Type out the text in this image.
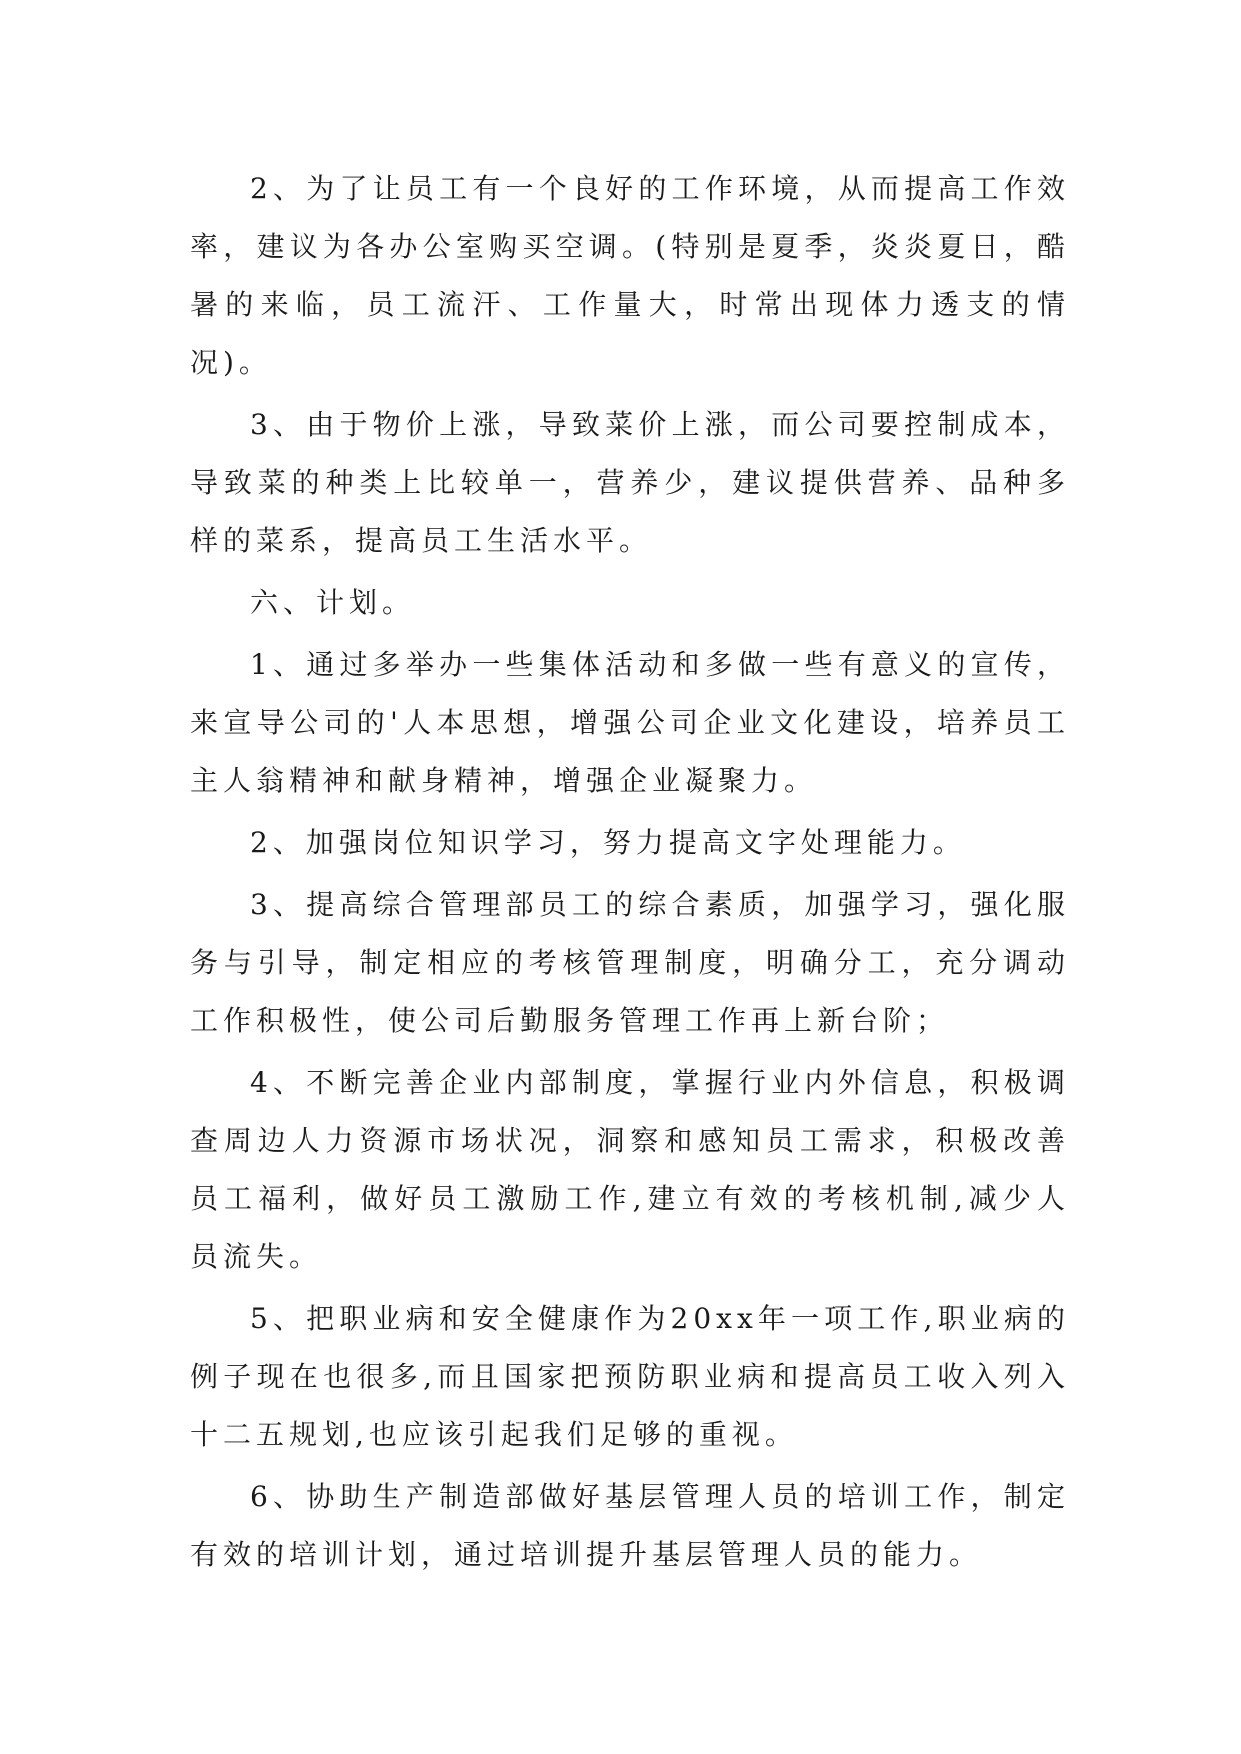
2、为了让员工有一个良好的工作环境，从而提高工作效率，建议为各办公室购买空调。(特别是夏季，炎炎夏日，酷暑的来临，员工流汗、工作量大，时常出现体力透支的情况)。

3、由于物价上涨，导致菜价上涨，而公司要控制成本，导致菜的种类上比较单一，营养少，建议提供营养、品种多样的菜系，提高员工生活水平。

六、计划。

1、通过多举办一些集体活动和多做一些有意义的宣传，来宣导公司的'人本思想，增强公司企业文化建设，培养员工主人翁精神和献身精神，增强企业凝聚力。

2、加强岗位知识学习，努力提高文字处理能力。

3、提高综合管理部员工的综合素质，加强学习，强化服务与引导，制定相应的考核管理制度，明确分工，充分调动工作积极性，使公司后勤服务管理工作再上新台阶；

4、不断完善企业内部制度，掌握行业内外信息，积极调查周边人力资源市场状况，洞察和感知员工需求，积极改善员工福利，做好员工激励工作,建立有效的考核机制,减少人员流失。

5、把职业病和安全健康作为20xx年一项工作,职业病的例子现在也很多,而且国家把预防职业病和提高员工收入列入十二五规划,也应该引起我们足够的重视。

6、协助生产制造部做好基层管理人员的培训工作，制定有效的培训计划，通过培训提升基层管理人员的能力。
